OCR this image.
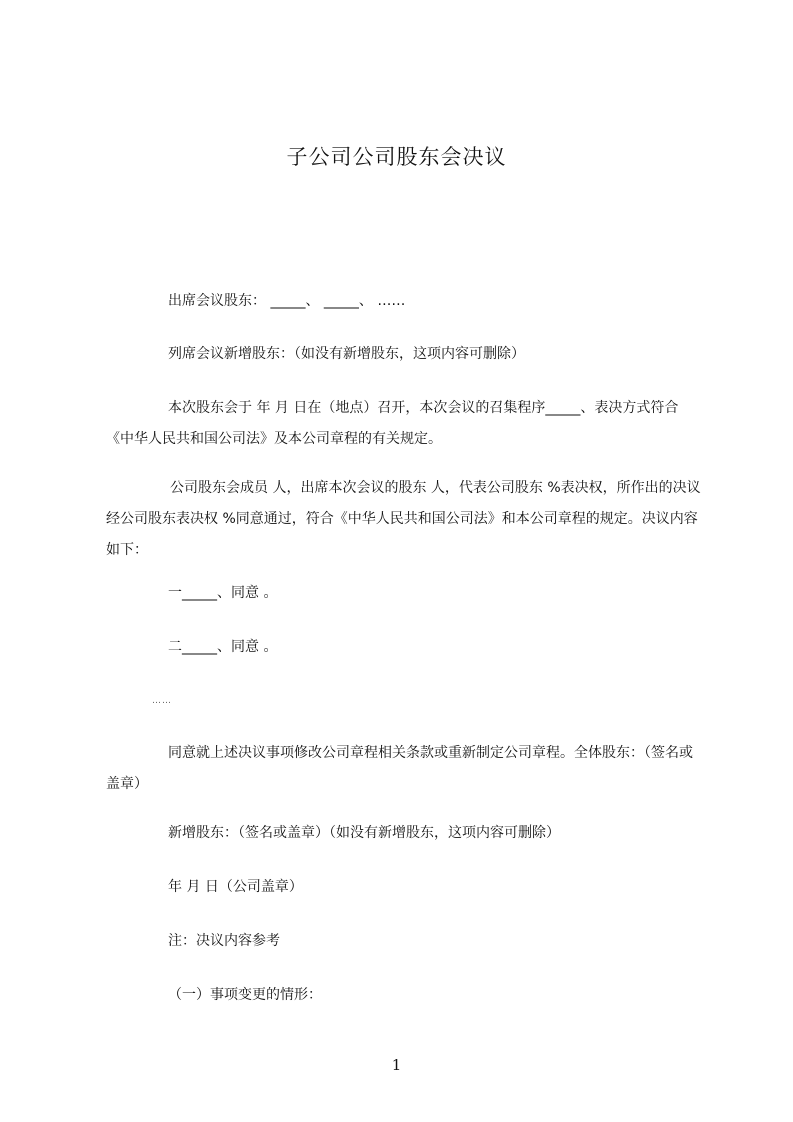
子公司公司股东会决议
出席会议股东： _____、 _____、 ……
列席会议新增股东：（如没有新增股东，这项内容可删除）
本次股东会于 年 月 日在（地点）召开，本次会议的召集程序_____、表决方式符合《中华人民共和国公司法》及本公司章程的有关规定。
公司股东会成员 人，出席本次会议的股东 人，代表公司股东 %表决权，所作出的决议经公司股东表决权 %同意通过，符合《中华人民共和国公司法》和本公司章程的规定。决议内容如下：
一_____、同意 。
二_____、同意 。
……
同意就上述决议事项修改公司章程相关条款或重新制定公司章程。全体股东：（签名或盖章）
新增股东：（签名或盖章）（如没有新增股东，这项内容可删除）
年 月 日（公司盖章）
注：决议内容参考
（一）事项变更的情形：
1
